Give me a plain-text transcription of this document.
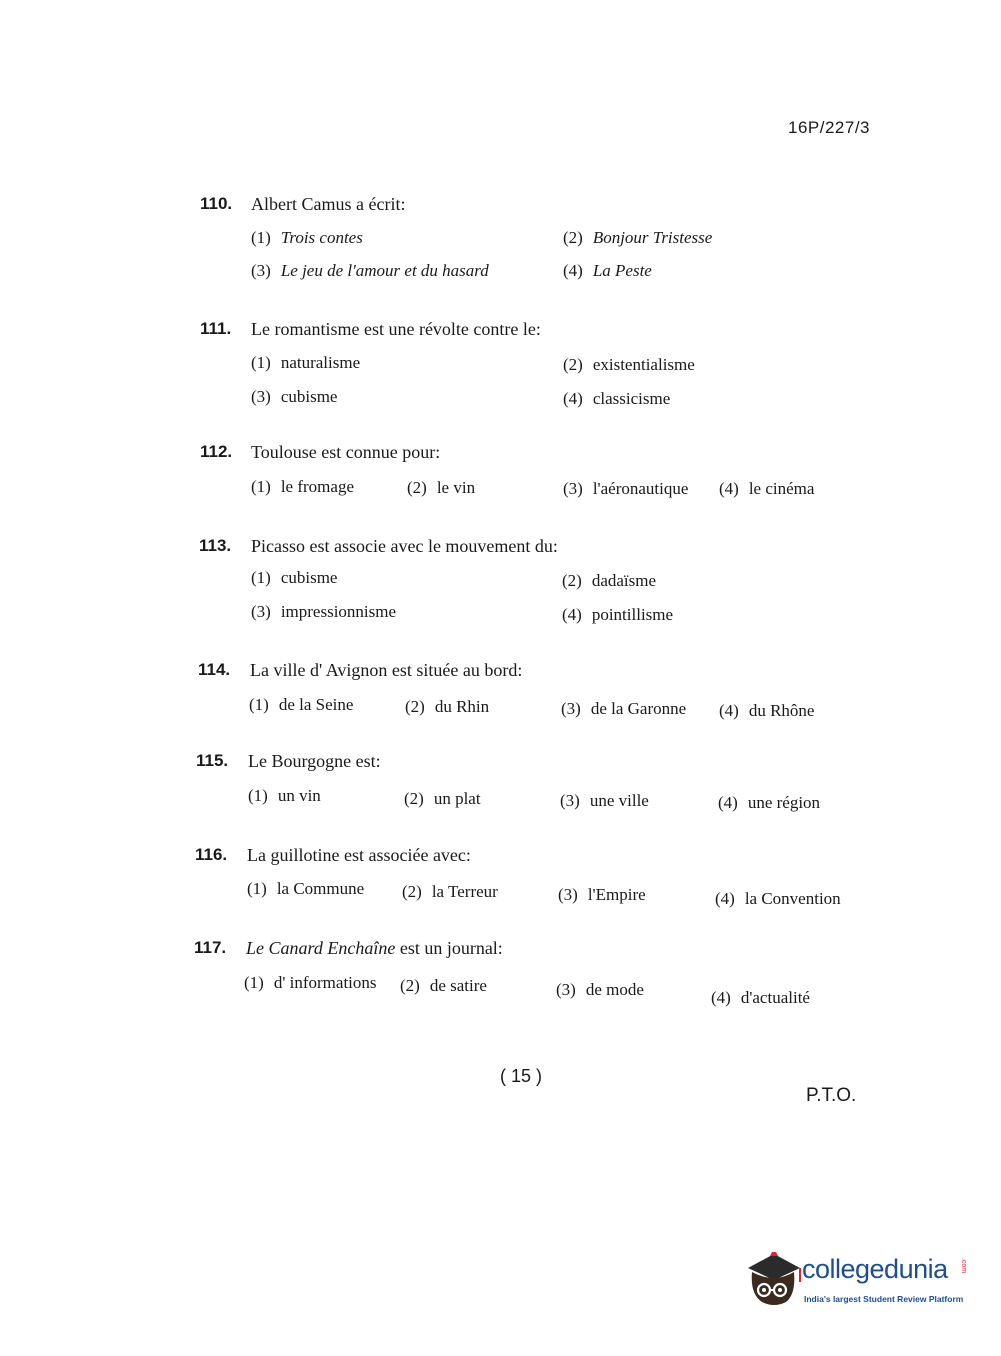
16P/227/3
110.	Albert Camus a écrit:
(1) Trois contes	(2) Bonjour Tristesse
(3) Le jeu de l'amour et du hasard	(4) La Peste
111.	Le romantisme est une révolte contre le:
(1) naturalisme	(2) existentialisme
(3) cubisme	(4) classicisme
112.	Toulouse est connue pour:
(1) le fromage	(2) le vin	(3) l'aéronautique (4) le cinéma
113.	Picasso est associe avec le mouvement du:
(1) cubisme	(2) dadaïsme
(3) impressionnisme	(4) pointillisme
114.	La ville d' Avignon est située au bord:
(1) de la Seine	(2) du Rhin	(3) de la Garonne (4) du Rhône
115.	Le Bourgogne est:
(1) un vin	(2) un plat	(3) une ville	(4) une région
116.	La guillotine est associée avec:
(1) la Commune (2) la Terreur	(3) l'Empire	(4) la Convention
117.	Le Canard Enchaîne est un journal:
(1) d' informations (2) de satire	(3) de mode	(4) d'actualité
( 15 )
P.T.O.
collegedunia .com
India's largest Student Review Platform
